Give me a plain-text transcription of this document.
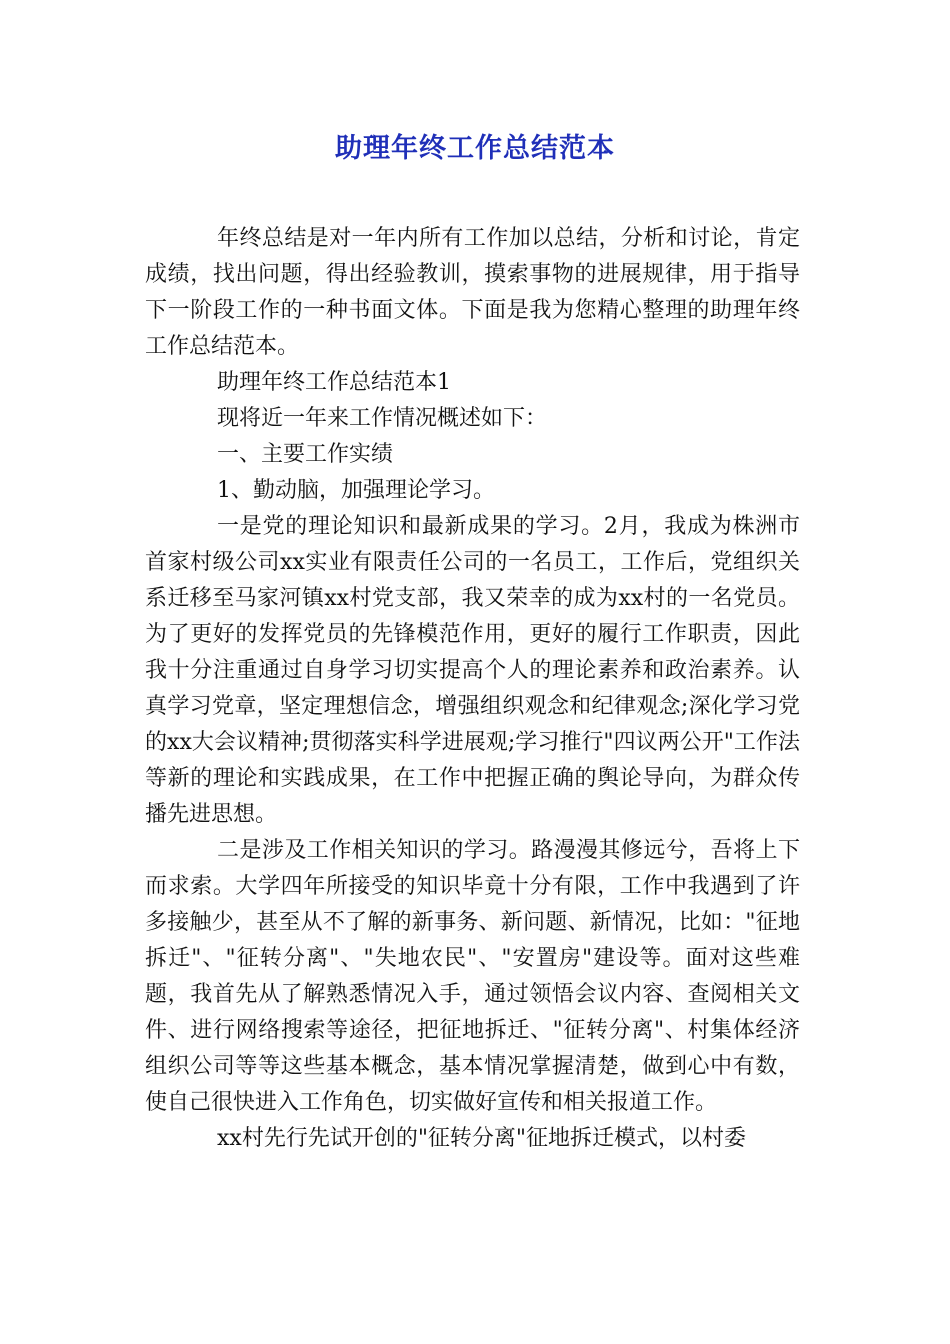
助理年终工作总结范本

年终总结是对一年内所有工作加以总结，分析和讨论，肯定成绩，找出问题，得出经验教训，摸索事物的进展规律，用于指导下一阶段工作的一种书面文体。下面是我为您精心整理的助理年终工作总结范本。

助理年终工作总结范本1

现将近一年来工作情况概述如下：

一、主要工作实绩

1、勤动脑，加强理论学习。

一是党的理论知识和最新成果的学习。2月，我成为株洲市首家村级公司xx实业有限责任公司的一名员工，工作后，党组织关系迁移至马家河镇xx村党支部，我又荣幸的成为xx村的一名党员。为了更好的发挥党员的先锋模范作用，更好的履行工作职责，因此我十分注重通过自身学习切实提高个人的理论素养和政治素养。认真学习党章，坚定理想信念，增强组织观念和纪律观念;深化学习党的xx大会议精神;贯彻落实科学进展观;学习推行"四议两公开"工作法等新的理论和实践成果，在工作中把握正确的舆论导向，为群众传播先进思想。

二是涉及工作相关知识的学习。路漫漫其修远兮，吾将上下而求索。大学四年所接受的知识毕竟十分有限，工作中我遇到了许多接触少，甚至从不了解的新事务、新问题、新情况，比如："征地拆迁"、"征转分离"、"失地农民"、"安置房"建设等。面对这些难题，我首先从了解熟悉情况入手，通过领悟会议内容、查阅相关文件、进行网络搜索等途径，把征地拆迁、"征转分离"、村集体经济组织公司等等这些基本概念，基本情况掌握清楚，做到心中有数，使自己很快进入工作角色，切实做好宣传和相关报道工作。

xx村先行先试开创的"征转分离"征地拆迁模式，以村委
